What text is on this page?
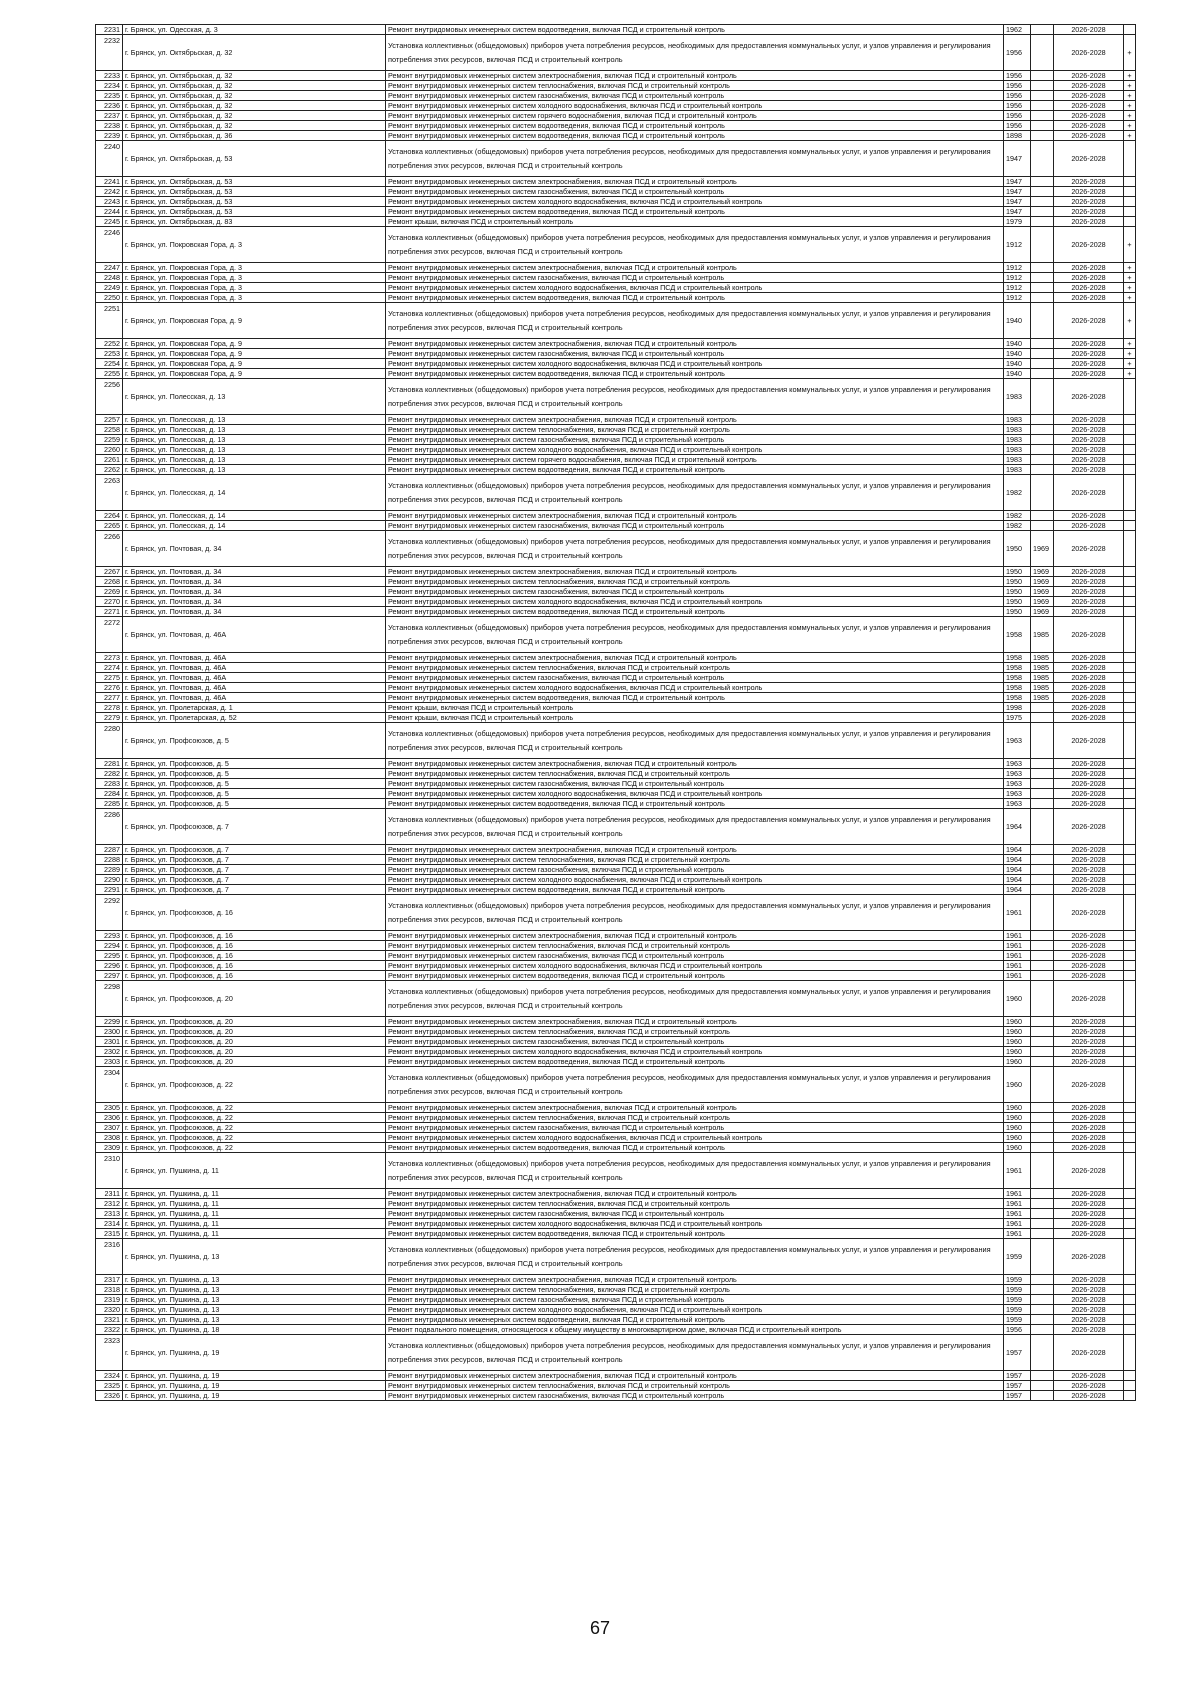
2231	г. Брянск, ул. Одесская, д. 3	Ремонт внутридомовых инженерных систем водоотведения, включая ПСД и строительный контроль	1962		2026-2028	
2232	г. Брянск, ул. Октябрьская, д. 32	Установка коллективных (общедомовых) приборов учета потребления ресурсов, необходимых для предоставления коммунальных услуг, и узлов управления и регулирования потребления этих ресурсов, включая ПСД и строительный контроль	1956		2026-2028	+
2233	г. Брянск, ул. Октябрьская, д. 32	Ремонт внутридомовых инженерных систем электроснабжения, включая ПСД и строительный контроль	1956		2026-2028	+
2234	г. Брянск, ул. Октябрьская, д. 32	Ремонт внутридомовых инженерных систем теплоснабжения, включая ПСД и строительный контроль	1956		2026-2028	+
2235	г. Брянск, ул. Октябрьская, д. 32	Ремонт внутридомовых инженерных систем газоснабжения, включая ПСД и строительный контроль	1956		2026-2028	+
2236	г. Брянск, ул. Октябрьская, д. 32	Ремонт внутридомовых инженерных систем холодного водоснабжения, включая ПСД и строительный контроль	1956		2026-2028	+
2237	г. Брянск, ул. Октябрьская, д. 32	Ремонт внутридомовых инженерных систем горячего водоснабжения, включая ПСД и строительный контроль	1956		2026-2028	+
2238	г. Брянск, ул. Октябрьская, д. 32	Ремонт внутридомовых инженерных систем водоотведения, включая ПСД и строительный контроль	1956		2026-2028	+
2239	г. Брянск, ул. Октябрьская, д. 36	Ремонт внутридомовых инженерных систем водоотведения, включая ПСД и строительный контроль	1898		2026-2028	+
2240	г. Брянск, ул. Октябрьская, д. 53	Установка коллективных (общедомовых) приборов учета потребления ресурсов, необходимых для предоставления коммунальных услуг, и узлов управления и регулирования потребления этих ресурсов, включая ПСД и строительный контроль	1947		2026-2028	
2241	г. Брянск, ул. Октябрьская, д. 53	Ремонт внутридомовых инженерных систем электроснабжения, включая ПСД и строительный контроль	1947		2026-2028	
2242	г. Брянск, ул. Октябрьская, д. 53	Ремонт внутридомовых инженерных систем газоснабжения, включая ПСД и строительный контроль	1947		2026-2028	
2243	г. Брянск, ул. Октябрьская, д. 53	Ремонт внутридомовых инженерных систем холодного водоснабжения, включая ПСД и строительный контроль	1947		2026-2028	
2244	г. Брянск, ул. Октябрьская, д. 53	Ремонт внутридомовых инженерных систем водоотведения, включая ПСД и строительный контроль	1947		2026-2028	
2245	г. Брянск, ул. Октябрьская, д. 83	Ремонт крыши, включая ПСД и строительный контроль	1979		2026-2028	
2246	г. Брянск, ул. Покровская Гора, д. 3	Установка коллективных (общедомовых) приборов учета потребления ресурсов, необходимых для предоставления коммунальных услуг, и узлов управления и регулирования потребления этих ресурсов, включая ПСД и строительный контроль	1912		2026-2028	+
2247	г. Брянск, ул. Покровская Гора, д. 3	Ремонт внутридомовых инженерных систем электроснабжения, включая ПСД и строительный контроль	1912		2026-2028	+
2248	г. Брянск, ул. Покровская Гора, д. 3	Ремонт внутридомовых инженерных систем газоснабжения, включая ПСД и строительный контроль	1912		2026-2028	+
2249	г. Брянск, ул. Покровская Гора, д. 3	Ремонт внутридомовых инженерных систем холодного водоснабжения, включая ПСД и строительный контроль	1912		2026-2028	+
2250	г. Брянск, ул. Покровская Гора, д. 3	Ремонт внутридомовых инженерных систем водоотведения, включая ПСД и строительный контроль	1912		2026-2028	+
2251	г. Брянск, ул. Покровская Гора, д. 9	Установка коллективных (общедомовых) приборов учета потребления ресурсов, необходимых для предоставления коммунальных услуг, и узлов управления и регулирования потребления этих ресурсов, включая ПСД и строительный контроль	1940		2026-2028	+
2252	г. Брянск, ул. Покровская Гора, д. 9	Ремонт внутридомовых инженерных систем электроснабжения, включая ПСД и строительный контроль	1940		2026-2028	+
2253	г. Брянск, ул. Покровская Гора, д. 9	Ремонт внутридомовых инженерных систем газоснабжения, включая ПСД и строительный контроль	1940		2026-2028	+
2254	г. Брянск, ул. Покровская Гора, д. 9	Ремонт внутридомовых инженерных систем холодного водоснабжения, включая ПСД и строительный контроль	1940		2026-2028	+
2255	г. Брянск, ул. Покровская Гора, д. 9	Ремонт внутридомовых инженерных систем водоотведения, включая ПСД и строительный контроль	1940		2026-2028	+
2256	г. Брянск, ул. Полесская, д. 13	Установка коллективных (общедомовых) приборов учета потребления ресурсов, необходимых для предоставления коммунальных услуг, и узлов управления и регулирования потребления этих ресурсов, включая ПСД и строительный контроль	1983		2026-2028	
2257	г. Брянск, ул. Полесская, д. 13	Ремонт внутридомовых инженерных систем электроснабжения, включая ПСД и строительный контроль	1983		2026-2028	
2258	г. Брянск, ул. Полесская, д. 13	Ремонт внутридомовых инженерных систем теплоснабжения, включая ПСД и строительный контроль	1983		2026-2028	
2259	г. Брянск, ул. Полесская, д. 13	Ремонт внутридомовых инженерных систем газоснабжения, включая ПСД и строительный контроль	1983		2026-2028	
2260	г. Брянск, ул. Полесская, д. 13	Ремонт внутридомовых инженерных систем холодного водоснабжения, включая ПСД и строительный контроль	1983		2026-2028	
2261	г. Брянск, ул. Полесская, д. 13	Ремонт внутридомовых инженерных систем горячего водоснабжения, включая ПСД и строительный контроль	1983		2026-2028	
2262	г. Брянск, ул. Полесская, д. 13	Ремонт внутридомовых инженерных систем водоотведения, включая ПСД и строительный контроль	1983		2026-2028	
2263	г. Брянск, ул. Полесская, д. 14	Установка коллективных (общедомовых) приборов учета потребления ресурсов, необходимых для предоставления коммунальных услуг, и узлов управления и регулирования потребления этих ресурсов, включая ПСД и строительный контроль	1982		2026-2028	
2264	г. Брянск, ул. Полесская, д. 14	Ремонт внутридомовых инженерных систем электроснабжения, включая ПСД и строительный контроль	1982		2026-2028	
2265	г. Брянск, ул. Полесская, д. 14	Ремонт внутридомовых инженерных систем газоснабжения, включая ПСД и строительный контроль	1982		2026-2028	
2266	г. Брянск, ул. Почтовая, д. 34	Установка коллективных (общедомовых) приборов учета потребления ресурсов, необходимых для предоставления коммунальных услуг, и узлов управления и регулирования потребления этих ресурсов, включая ПСД и строительный контроль	1950	1969	2026-2028	
2267	г. Брянск, ул. Почтовая, д. 34	Ремонт внутридомовых инженерных систем электроснабжения, включая ПСД и строительный контроль	1950	1969	2026-2028	
2268	г. Брянск, ул. Почтовая, д. 34	Ремонт внутридомовых инженерных систем теплоснабжения, включая ПСД и строительный контроль	1950	1969	2026-2028	
2269	г. Брянск, ул. Почтовая, д. 34	Ремонт внутридомовых инженерных систем газоснабжения, включая ПСД и строительный контроль	1950	1969	2026-2028	
2270	г. Брянск, ул. Почтовая, д. 34	Ремонт внутридомовых инженерных систем холодного водоснабжения, включая ПСД и строительный контроль	1950	1969	2026-2028	
2271	г. Брянск, ул. Почтовая, д. 34	Ремонт внутридомовых инженерных систем водоотведения, включая ПСД и строительный контроль	1950	1969	2026-2028	
2272	г. Брянск, ул. Почтовая, д. 46А	Установка коллективных (общедомовых) приборов учета потребления ресурсов, необходимых для предоставления коммунальных услуг, и узлов управления и регулирования потребления этих ресурсов, включая ПСД и строительный контроль	1958	1985	2026-2028	
2273	г. Брянск, ул. Почтовая, д. 46А	Ремонт внутридомовых инженерных систем электроснабжения, включая ПСД и строительный контроль	1958	1985	2026-2028	
2274	г. Брянск, ул. Почтовая, д. 46А	Ремонт внутридомовых инженерных систем теплоснабжения, включая ПСД и строительный контроль	1958	1985	2026-2028	
2275	г. Брянск, ул. Почтовая, д. 46А	Ремонт внутридомовых инженерных систем газоснабжения, включая ПСД и строительный контроль	1958	1985	2026-2028	
2276	г. Брянск, ул. Почтовая, д. 46А	Ремонт внутридомовых инженерных систем холодного водоснабжения, включая ПСД и строительный контроль	1958	1985	2026-2028	
2277	г. Брянск, ул. Почтовая, д. 46А	Ремонт внутридомовых инженерных систем водоотведения, включая ПСД и строительный контроль	1958	1985	2026-2028	
2278	г. Брянск, ул. Пролетарская, д. 1	Ремонт крыши, включая ПСД и строительный контроль	1998		2026-2028	
2279	г. Брянск, ул. Пролетарская, д. 52	Ремонт крыши, включая ПСД и строительный контроль	1975		2026-2028	
2280	г. Брянск, ул. Профсоюзов, д. 5	Установка коллективных (общедомовых) приборов учета потребления ресурсов, необходимых для предоставления коммунальных услуг, и узлов управления и регулирования потребления этих ресурсов, включая ПСД и строительный контроль	1963		2026-2028	
2281	г. Брянск, ул. Профсоюзов, д. 5	Ремонт внутридомовых инженерных систем электроснабжения, включая ПСД и строительный контроль	1963		2026-2028	
2282	г. Брянск, ул. Профсоюзов, д. 5	Ремонт внутридомовых инженерных систем теплоснабжения, включая ПСД и строительный контроль	1963		2026-2028	
2283	г. Брянск, ул. Профсоюзов, д. 5	Ремонт внутридомовых инженерных систем газоснабжения, включая ПСД и строительный контроль	1963		2026-2028	
2284	г. Брянск, ул. Профсоюзов, д. 5	Ремонт внутридомовых инженерных систем холодного водоснабжения, включая ПСД и строительный контроль	1963		2026-2028	
2285	г. Брянск, ул. Профсоюзов, д. 5	Ремонт внутридомовых инженерных систем водоотведения, включая ПСД и строительный контроль	1963		2026-2028	
2286	г. Брянск, ул. Профсоюзов, д. 7	Установка коллективных (общедомовых) приборов учета потребления ресурсов, необходимых для предоставления коммунальных услуг, и узлов управления и регулирования потребления этих ресурсов, включая ПСД и строительный контроль	1964		2026-2028	
2287	г. Брянск, ул. Профсоюзов, д. 7	Ремонт внутридомовых инженерных систем электроснабжения, включая ПСД и строительный контроль	1964		2026-2028	
2288	г. Брянск, ул. Профсоюзов, д. 7	Ремонт внутридомовых инженерных систем теплоснабжения, включая ПСД и строительный контроль	1964		2026-2028	
2289	г. Брянск, ул. Профсоюзов, д. 7	Ремонт внутридомовых инженерных систем газоснабжения, включая ПСД и строительный контроль	1964		2026-2028	
2290	г. Брянск, ул. Профсоюзов, д. 7	Ремонт внутридомовых инженерных систем холодного водоснабжения, включая ПСД и строительный контроль	1964		2026-2028	
2291	г. Брянск, ул. Профсоюзов, д. 7	Ремонт внутридомовых инженерных систем водоотведения, включая ПСД и строительный контроль	1964		2026-2028	
2292	г. Брянск, ул. Профсоюзов, д. 16	Установка коллективных (общедомовых) приборов учета потребления ресурсов, необходимых для предоставления коммунальных услуг, и узлов управления и регулирования потребления этих ресурсов, включая ПСД и строительный контроль	1961		2026-2028	
2293	г. Брянск, ул. Профсоюзов, д. 16	Ремонт внутридомовых инженерных систем электроснабжения, включая ПСД и строительный контроль	1961		2026-2028	
2294	г. Брянск, ул. Профсоюзов, д. 16	Ремонт внутридомовых инженерных систем теплоснабжения, включая ПСД и строительный контроль	1961		2026-2028	
2295	г. Брянск, ул. Профсоюзов, д. 16	Ремонт внутридомовых инженерных систем газоснабжения, включая ПСД и строительный контроль	1961		2026-2028	
2296	г. Брянск, ул. Профсоюзов, д. 16	Ремонт внутридомовых инженерных систем холодного водоснабжения, включая ПСД и строительный контроль	1961		2026-2028	
2297	г. Брянск, ул. Профсоюзов, д. 16	Ремонт внутридомовых инженерных систем водоотведения, включая ПСД и строительный контроль	1961		2026-2028	
2298	г. Брянск, ул. Профсоюзов, д. 20	Установка коллективных (общедомовых) приборов учета потребления ресурсов, необходимых для предоставления коммунальных услуг, и узлов управления и регулирования потребления этих ресурсов, включая ПСД и строительный контроль	1960		2026-2028	
2299	г. Брянск, ул. Профсоюзов, д. 20	Ремонт внутридомовых инженерных систем электроснабжения, включая ПСД и строительный контроль	1960		2026-2028	
2300	г. Брянск, ул. Профсоюзов, д. 20	Ремонт внутридомовых инженерных систем теплоснабжения, включая ПСД и строительный контроль	1960		2026-2028	
2301	г. Брянск, ул. Профсоюзов, д. 20	Ремонт внутридомовых инженерных систем газоснабжения, включая ПСД и строительный контроль	1960		2026-2028	
2302	г. Брянск, ул. Профсоюзов, д. 20	Ремонт внутридомовых инженерных систем холодного водоснабжения, включая ПСД и строительный контроль	1960		2026-2028	
2303	г. Брянск, ул. Профсоюзов, д. 20	Ремонт внутридомовых инженерных систем водоотведения, включая ПСД и строительный контроль	1960		2026-2028	
2304	г. Брянск, ул. Профсоюзов, д. 22	Установка коллективных (общедомовых) приборов учета потребления ресурсов, необходимых для предоставления коммунальных услуг, и узлов управления и регулирования потребления этих ресурсов, включая ПСД и строительный контроль	1960		2026-2028	
2305	г. Брянск, ул. Профсоюзов, д. 22	Ремонт внутридомовых инженерных систем электроснабжения, включая ПСД и строительный контроль	1960		2026-2028	
2306	г. Брянск, ул. Профсоюзов, д. 22	Ремонт внутридомовых инженерных систем теплоснабжения, включая ПСД и строительный контроль	1960		2026-2028	
2307	г. Брянск, ул. Профсоюзов, д. 22	Ремонт внутридомовых инженерных систем газоснабжения, включая ПСД и строительный контроль	1960		2026-2028	
2308	г. Брянск, ул. Профсоюзов, д. 22	Ремонт внутридомовых инженерных систем холодного водоснабжения, включая ПСД и строительный контроль	1960		2026-2028	
2309	г. Брянск, ул. Профсоюзов, д. 22	Ремонт внутридомовых инженерных систем водоотведения, включая ПСД и строительный контроль	1960		2026-2028	
2310	г. Брянск, ул. Пушкина, д. 11	Установка коллективных (общедомовых) приборов учета потребления ресурсов, необходимых для предоставления коммунальных услуг, и узлов управления и регулирования потребления этих ресурсов, включая ПСД и строительный контроль	1961		2026-2028	
2311	г. Брянск, ул. Пушкина, д. 11	Ремонт внутридомовых инженерных систем электроснабжения, включая ПСД и строительный контроль	1961		2026-2028	
2312	г. Брянск, ул. Пушкина, д. 11	Ремонт внутридомовых инженерных систем теплоснабжения, включая ПСД и строительный контроль	1961		2026-2028	
2313	г. Брянск, ул. Пушкина, д. 11	Ремонт внутридомовых инженерных систем газоснабжения, включая ПСД и строительный контроль	1961		2026-2028	
2314	г. Брянск, ул. Пушкина, д. 11	Ремонт внутридомовых инженерных систем холодного водоснабжения, включая ПСД и строительный контроль	1961		2026-2028	
2315	г. Брянск, ул. Пушкина, д. 11	Ремонт внутридомовых инженерных систем водоотведения, включая ПСД и строительный контроль	1961		2026-2028	
2316	г. Брянск, ул. Пушкина, д. 13	Установка коллективных (общедомовых) приборов учета потребления ресурсов, необходимых для предоставления коммунальных услуг, и узлов управления и регулирования потребления этих ресурсов, включая ПСД и строительный контроль	1959		2026-2028	
2317	г. Брянск, ул. Пушкина, д. 13	Ремонт внутридомовых инженерных систем электроснабжения, включая ПСД и строительный контроль	1959		2026-2028	
2318	г. Брянск, ул. Пушкина, д. 13	Ремонт внутридомовых инженерных систем теплоснабжения, включая ПСД и строительный контроль	1959		2026-2028	
2319	г. Брянск, ул. Пушкина, д. 13	Ремонт внутридомовых инженерных систем газоснабжения, включая ПСД и строительный контроль	1959		2026-2028	
2320	г. Брянск, ул. Пушкина, д. 13	Ремонт внутридомовых инженерных систем холодного водоснабжения, включая ПСД и строительный контроль	1959		2026-2028	
2321	г. Брянск, ул. Пушкина, д. 13	Ремонт внутридомовых инженерных систем водоотведения, включая ПСД и строительный контроль	1959		2026-2028	
2322	г. Брянск, ул. Пушкина, д. 18	Ремонт подвального помещения, относящегося к общему имуществу в многоквартирном доме, включая ПСД и строительный контроль	1956		2026-2028	
2323	г. Брянск, ул. Пушкина, д. 19	Установка коллективных (общедомовых) приборов учета потребления ресурсов, необходимых для предоставления коммунальных услуг, и узлов управления и регулирования потребления этих ресурсов, включая ПСД и строительный контроль	1957		2026-2028	
2324	г. Брянск, ул. Пушкина, д. 19	Ремонт внутридомовых инженерных систем электроснабжения, включая ПСД и строительный контроль	1957		2026-2028	
2325	г. Брянск, ул. Пушкина, д. 19	Ремонт внутридомовых инженерных систем теплоснабжения, включая ПСД и строительный контроль	1957		2026-2028	
2326	г. Брянск, ул. Пушкина, д. 19	Ремонт внутридомовых инженерных систем газоснабжения, включая ПСД и строительный контроль	1957		2026-2028	
67
